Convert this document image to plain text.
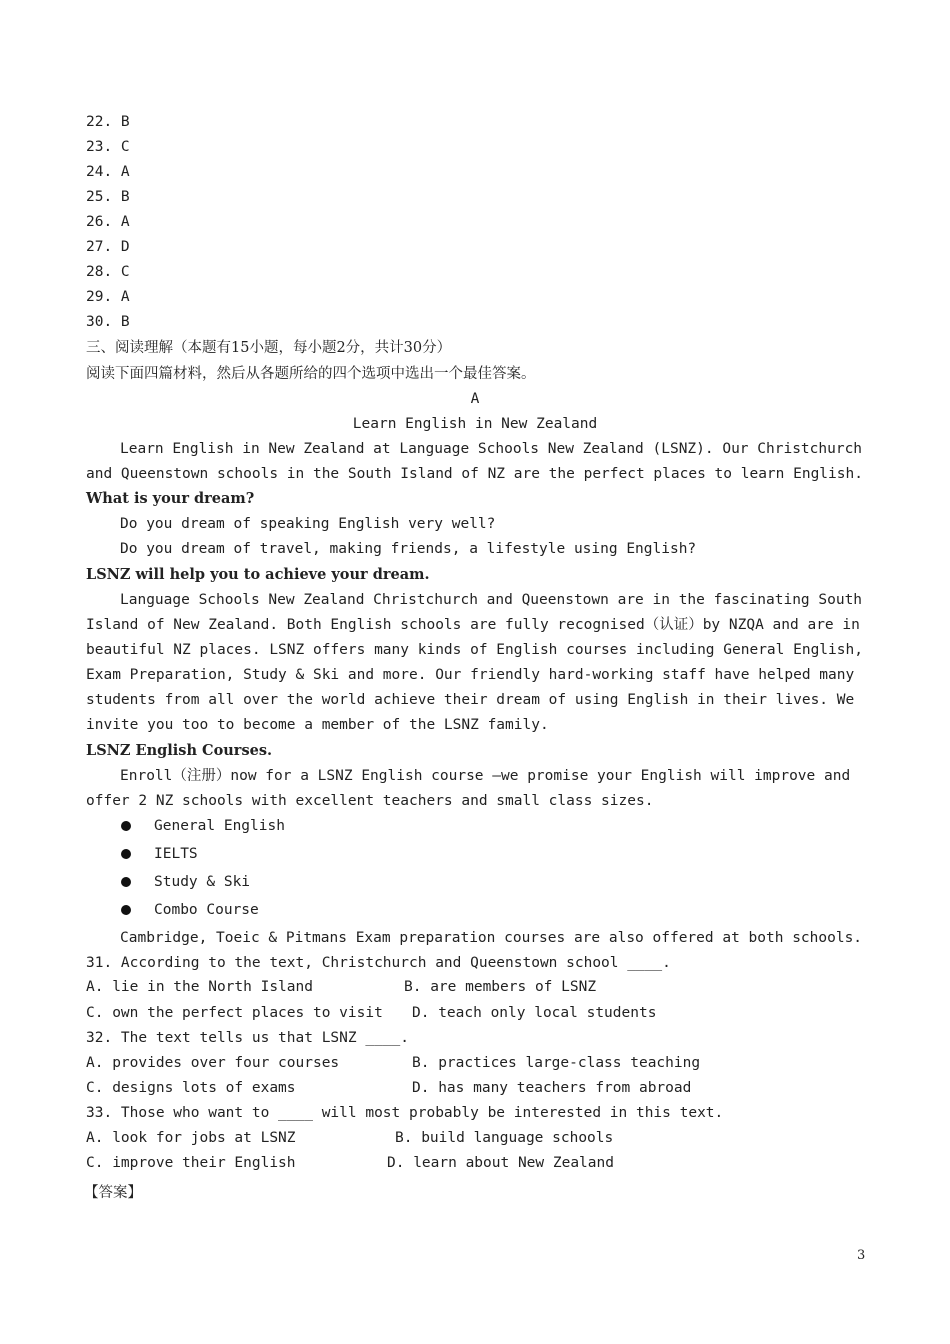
22. B
23. C
24. A
25. B
26. A
27. D
28. C
29. A
30. B
三、阅读理解（本题有15小题，每小题2分，共计30分）
阅读下面四篇材料，然后从各题所给的四个选项中选出一个最佳答案。
A
Learn English in New Zealand
Learn English in New Zealand at Language Schools New Zealand (LSNZ). Our Christchurch
and Queenstown schools in the South Island of NZ are the perfect places to learn English.
What is your dream?
Do you dream of speaking English very well?
Do you dream of travel, making friends, a lifestyle using English?
LSNZ will help you to achieve your dream.
Language Schools New Zealand Christchurch and Queenstown are in the fascinating South
Island of New Zealand. Both English schools are fully recognised（认证）by NZQA and are in
beautiful NZ places. LSNZ offers many kinds of English courses including General English,
Exam Preparation, Study & Ski and more. Our friendly hard-working staff have helped many
students from all over the world achieve their dream of using English in their lives. We
invite you too to become a member of the LSNZ family.
LSNZ English Courses.
Enroll（注册）now for a LSNZ English course –we promise your English will improve and
offer 2 NZ schools with excellent teachers and small class sizes.
General English
IELTS
Study & Ski
Combo Course
Cambridge, Toeic & Pitmans Exam preparation courses are also offered at both schools.
31. According to the text, Christchurch and Queenstown school ____.
A. lie in the North Island	B. are members of LSNZ
C. own the perfect places to visit D. teach only local students
32. The text tells us that LSNZ ____.
A. provides over four courses	B. practices large-class teaching
C. designs lots of exams	D. has many teachers from abroad
33. Those who want to ____ will most probably be interested in this text.
A. look for jobs at LSNZ	B. build language schools
C. improve their English	D. learn about New Zealand
【答案】
3
